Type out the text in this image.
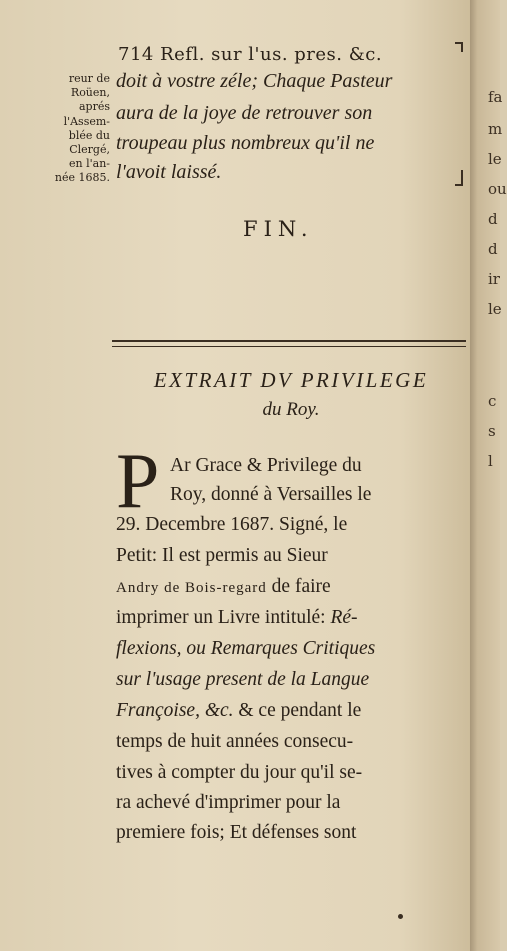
fa
m
le
ou
d
d
ir
le
c
s
l
714 Refl. sur l'us. pres. &c.
reur de
Roüen,
aprés
l'Assem-
blée du
Clergé,
en l'an-
née 1685.
doit à vostre zéle; Chaque Pasteur
aura de la joye de retrouver son
troupeau plus nombreux qu'il ne
l'avoit laissé.
FIN.
EXTRAIT DV PRIVILEGE
du Roy.
P Ar Grace & Privilege du
Roy, donné à Versailles le
29. Decembre 1687. Signé, le
Petit: Il est permis au Sieur
Andry de Bois-regard de faire
imprimer un Livre intitulé: Ré-
flexions, ou Remarques Critiques
sur l'usage present de la Langue
Françoise, &c. & ce pendant le
temps de huit années consecu-
tives à compter du jour qu'il se-
ra achevé d'imprimer pour la
premiere fois; Et défenses sont
